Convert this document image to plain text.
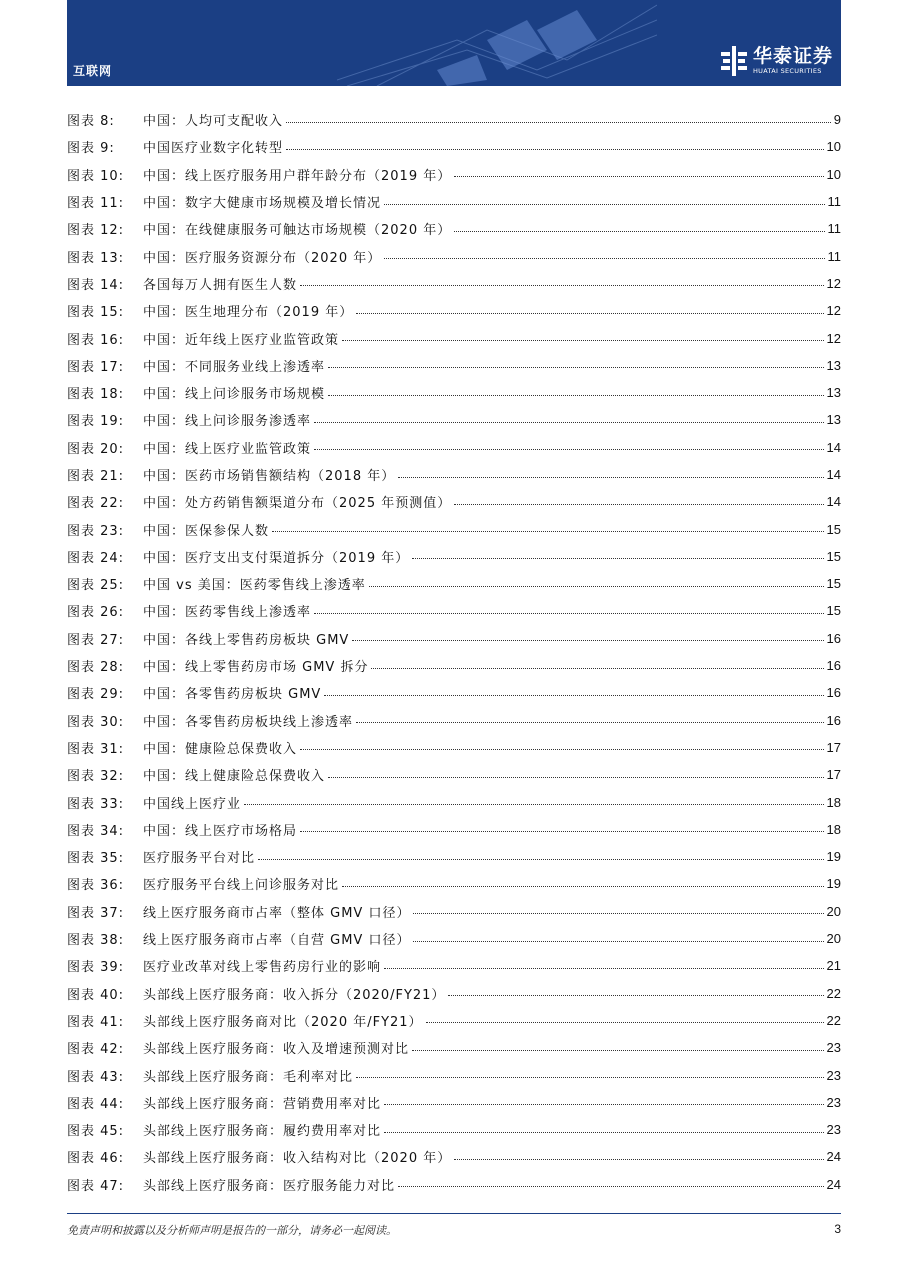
互联网
华泰证券
HUATAI SECURITIES
图表 8:	中国：人均可支配收入	9
图表 9:	中国医疗业数字化转型	10
图表 10:	中国：线上医疗服务用户群年龄分布（2019 年）	10
图表 11:	中国：数字大健康市场规模及增长情况	11
图表 12:	中国：在线健康服务可触达市场规模（2020 年）	11
图表 13:	中国：医疗服务资源分布（2020 年）	11
图表 14:	各国每万人拥有医生人数	12
图表 15:	中国：医生地理分布（2019 年）	12
图表 16:	中国：近年线上医疗业监管政策	12
图表 17:	中国：不同服务业线上渗透率	13
图表 18:	中国：线上问诊服务市场规模	13
图表 19:	中国：线上问诊服务渗透率	13
图表 20:	中国：线上医疗业监管政策	14
图表 21:	中国：医药市场销售额结构（2018 年）	14
图表 22:	中国：处方药销售额渠道分布（2025 年预测值）	14
图表 23:	中国：医保参保人数	15
图表 24:	中国：医疗支出支付渠道拆分（2019 年）	15
图表 25:	中国 vs 美国：医药零售线上渗透率	15
图表 26:	中国：医药零售线上渗透率	15
图表 27:	中国：各线上零售药房板块 GMV	16
图表 28:	中国：线上零售药房市场 GMV 拆分	16
图表 29:	中国：各零售药房板块 GMV	16
图表 30:	中国：各零售药房板块线上渗透率	16
图表 31:	中国：健康险总保费收入	17
图表 32:	中国：线上健康险总保费收入	17
图表 33:	中国线上医疗业	18
图表 34:	中国：线上医疗市场格局	18
图表 35:	医疗服务平台对比	19
图表 36:	医疗服务平台线上问诊服务对比	19
图表 37:	线上医疗服务商市占率（整体 GMV 口径）	20
图表 38:	线上医疗服务商市占率（自营 GMV 口径）	20
图表 39:	医疗业改革对线上零售药房行业的影响	21
图表 40:	头部线上医疗服务商：收入拆分（2020/FY21）	22
图表 41:	头部线上医疗服务商对比（2020 年/FY21）	22
图表 42:	头部线上医疗服务商：收入及增速预测对比	23
图表 43:	头部线上医疗服务商：毛利率对比	23
图表 44:	头部线上医疗服务商：营销费用率对比	23
图表 45:	头部线上医疗服务商：履约费用率对比	23
图表 46:	头部线上医疗服务商：收入结构对比（2020 年）	24
图表 47:	头部线上医疗服务商：医疗服务能力对比	24
免责声明和披露以及分析师声明是报告的一部分，请务必一起阅读。	3
